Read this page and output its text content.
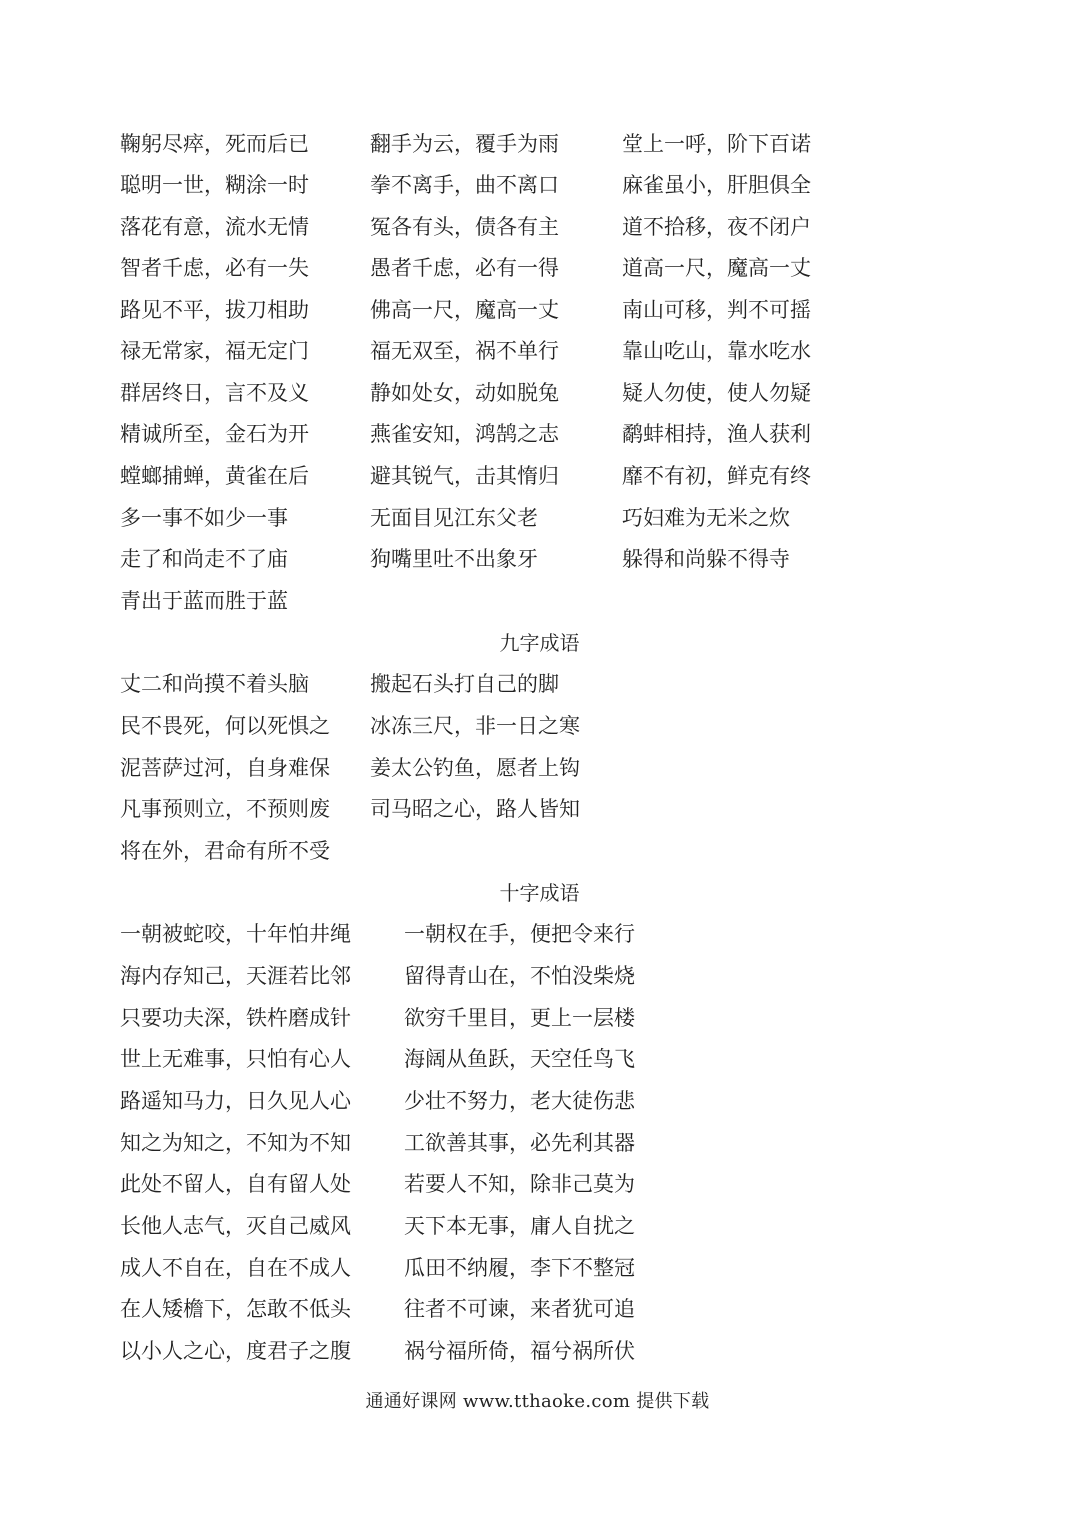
鞠躬尽瘁，死而后已	翻手为云，覆手为雨	堂上一呼，阶下百诺
聪明一世，糊涂一时	拳不离手，曲不离口	麻雀虽小，肝胆俱全
落花有意，流水无情	冤各有头，债各有主	道不拾移，夜不闭户
智者千虑，必有一失	愚者千虑，必有一得	道高一尺，魔高一丈
路见不平，拔刀相助	佛高一尺，魔高一丈	南山可移，判不可摇
禄无常家，福无定门	福无双至，祸不单行	靠山吃山，靠水吃水
群居终日，言不及义	静如处女，动如脱兔	疑人勿使，使人勿疑
精诚所至，金石为开	燕雀安知，鸿鹄之志	鹬蚌相持，渔人获利
螳螂捕蝉，黄雀在后	避其锐气，击其惰归	靡不有初，鲜克有终
多一事不如少一事	无面目见江东父老	巧妇难为无米之炊
走了和尚走不了庙	狗嘴里吐不出象牙	躲得和尚躲不得寺
青出于蓝而胜于蓝
九字成语
丈二和尚摸不着头脑	搬起石头打自己的脚
民不畏死，何以死惧之 冰冻三尺，非一日之寒
泥菩萨过河，自身难保 姜太公钓鱼，愿者上钩
凡事预则立，不预则废 司马昭之心，路人皆知
将在外，君命有所不受
十字成语
一朝被蛇咬，十年怕井绳	一朝权在手，便把令来行
海内存知己，天涯若比邻	留得青山在，不怕没柴烧
只要功夫深，铁杵磨成针	欲穷千里目，更上一层楼
世上无难事，只怕有心人	海阔从鱼跃，天空任鸟飞
路遥知马力，日久见人心	少壮不努力，老大徒伤悲
知之为知之，不知为不知	工欲善其事，必先利其器
此处不留人，自有留人处	若要人不知，除非己莫为
长他人志气，灭自己威风	天下本无事，庸人自扰之
成人不自在，自在不成人	瓜田不纳履，李下不整冠
在人矮檐下，怎敢不低头	往者不可谏，来者犹可追
以小人之心，度君子之腹	祸兮福所倚，福兮祸所伏
通通好课网 www.tthaoke.com 提供下载
